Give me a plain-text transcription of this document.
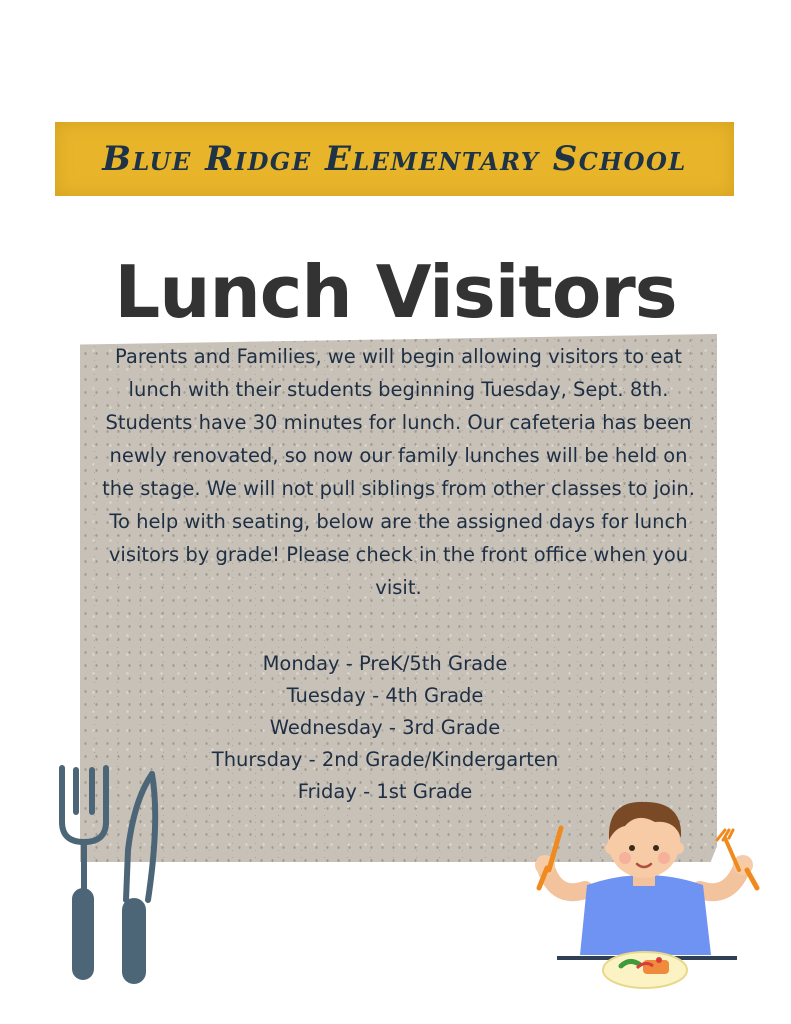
Blue Ridge Elementary School
Lunch Visitors

Parents and Families, we will begin allowing visitors to eat lunch with their students beginning Tuesday, Sept. 8th. Students have 30 minutes for lunch. Our cafeteria has been newly renovated, so now our family lunches will be held on the stage. We will not pull siblings from other classes to join. To help with seating, below are the assigned days for lunch visitors by grade! Please check in the front office when you visit.

Monday - PreK/5th Grade
Tuesday - 4th Grade
Wednesday - 3rd Grade
Thursday - 2nd Grade/Kindergarten
Friday - 1st Grade
